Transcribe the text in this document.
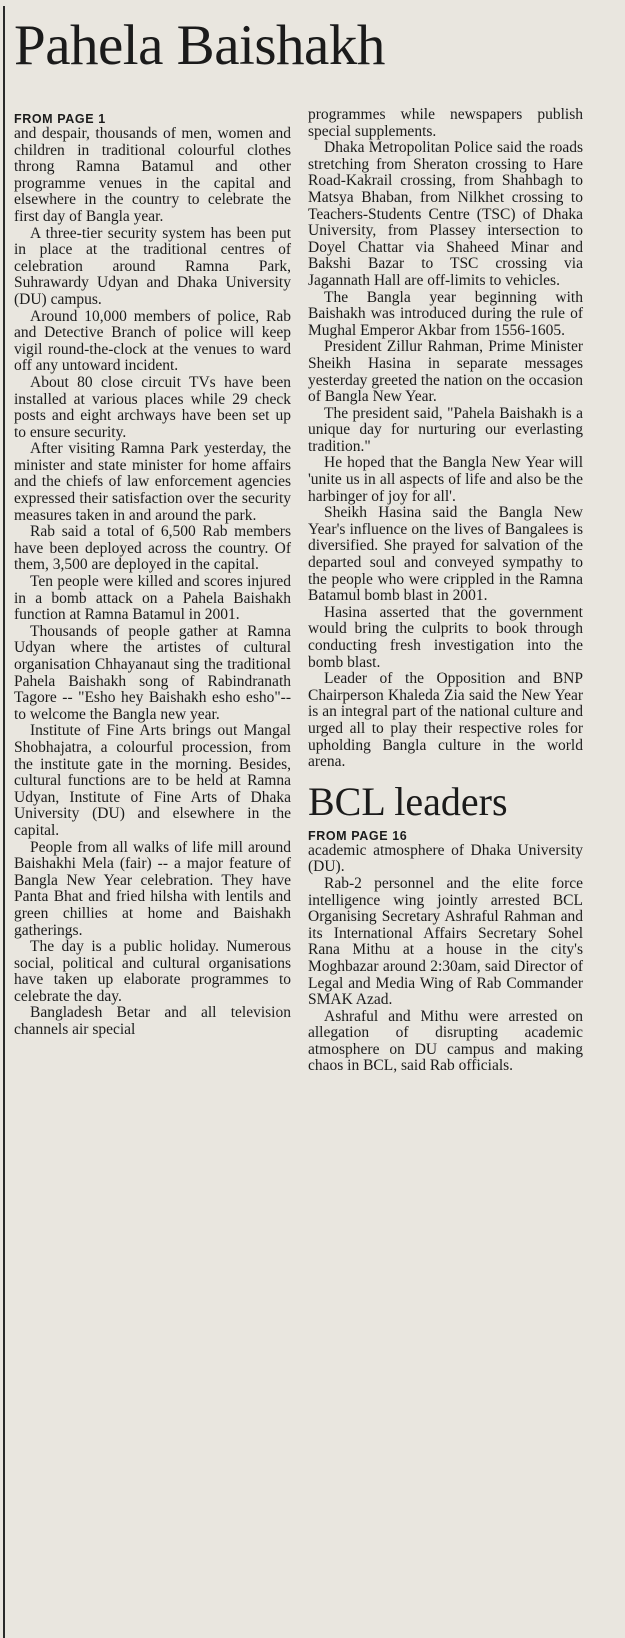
Pahela Baishakh
FROM PAGE 1

and despair, thousands of men, women and children in traditional colourful clothes throng Ramna Batamul and other programme venues in the capital and elsewhere in the country to celebrate the first day of Bangla year.

A three-tier security system has been put in place at the traditional centres of celebration around Ramna Park, Suhrawardy Udyan and Dhaka University (DU) campus.

Around 10,000 members of police, Rab and Detective Branch of police will keep vigil round-the-clock at the venues to ward off any untoward incident.

About 80 close circuit TVs have been installed at various places while 29 check posts and eight archways have been set up to ensure security.

After visiting Ramna Park yesterday, the minister and state minister for home affairs and the chiefs of law enforcement agencies expressed their satisfaction over the security measures taken in and around the park.

Rab said a total of 6,500 Rab members have been deployed across the country. Of them, 3,500 are deployed in the capital.

Ten people were killed and scores injured in a bomb attack on a Pahela Baishakh function at Ramna Batamul in 2001.

Thousands of people gather at Ramna Udyan where the artistes of cultural organisation Chhayanaut sing the traditional Pahela Baishakh song of Rabindranath Tagore -- "Esho hey Baishakh esho esho"-- to welcome the Bangla new year.

Institute of Fine Arts brings out Mangal Shobhajatra, a colourful procession, from the institute gate in the morning. Besides, cultural functions are to be held at Ramna Udyan, Institute of Fine Arts of Dhaka University (DU) and elsewhere in the capital.

People from all walks of life mill around Baishakhi Mela (fair) -- a major feature of Bangla New Year celebration. They have Panta Bhat and fried hilsha with lentils and green chillies at home and Baishakh gatherings.

The day is a public holiday. Numerous social, political and cultural organisations have taken up elaborate programmes to celebrate the day.

Bangladesh Betar and all television channels air special

programmes while newspapers publish special supplements.

Dhaka Metropolitan Police said the roads stretching from Sheraton crossing to Hare Road-Kakrail crossing, from Shahbagh to Matsya Bhaban, from Nilkhet crossing to Teachers-Students Centre (TSC) of Dhaka University, from Plassey intersection to Doyel Chattar via Shaheed Minar and Bakshi Bazar to TSC crossing via Jagannath Hall are off-limits to vehicles.

The Bangla year beginning with Baishakh was introduced during the rule of Mughal Emperor Akbar from 1556-1605.

President Zillur Rahman, Prime Minister Sheikh Hasina in separate messages yesterday greeted the nation on the occasion of Bangla New Year.

The president said, "Pahela Baishakh is a unique day for nurturing our everlasting tradition."

He hoped that the Bangla New Year will 'unite us in all aspects of life and also be the harbinger of joy for all'.

Sheikh Hasina said the Bangla New Year's influence on the lives of Bangalees is diversified. She prayed for salvation of the departed soul and conveyed sympathy to the people who were crippled in the Ramna Batamul bomb blast in 2001.

Hasina asserted that the government would bring the culprits to book through conducting fresh investigation into the bomb blast.

Leader of the Opposition and BNP Chairperson Khaleda Zia said the New Year is an integral part of the national culture and urged all to play their respective roles for upholding Bangla culture in the world arena.

BCL leaders
FROM PAGE 16

academic atmosphere of Dhaka University (DU).

Rab-2 personnel and the elite force intelligence wing jointly arrested BCL Organising Secretary Ashraful Rahman and its International Affairs Secretary Sohel Rana Mithu at a house in the city's Moghbazar around 2:30am, said Director of Legal and Media Wing of Rab Commander SMAK Azad.

Ashraful and Mithu were arrested on allegation of disrupting academic atmosphere on DU campus and making chaos in BCL, said Rab officials.
